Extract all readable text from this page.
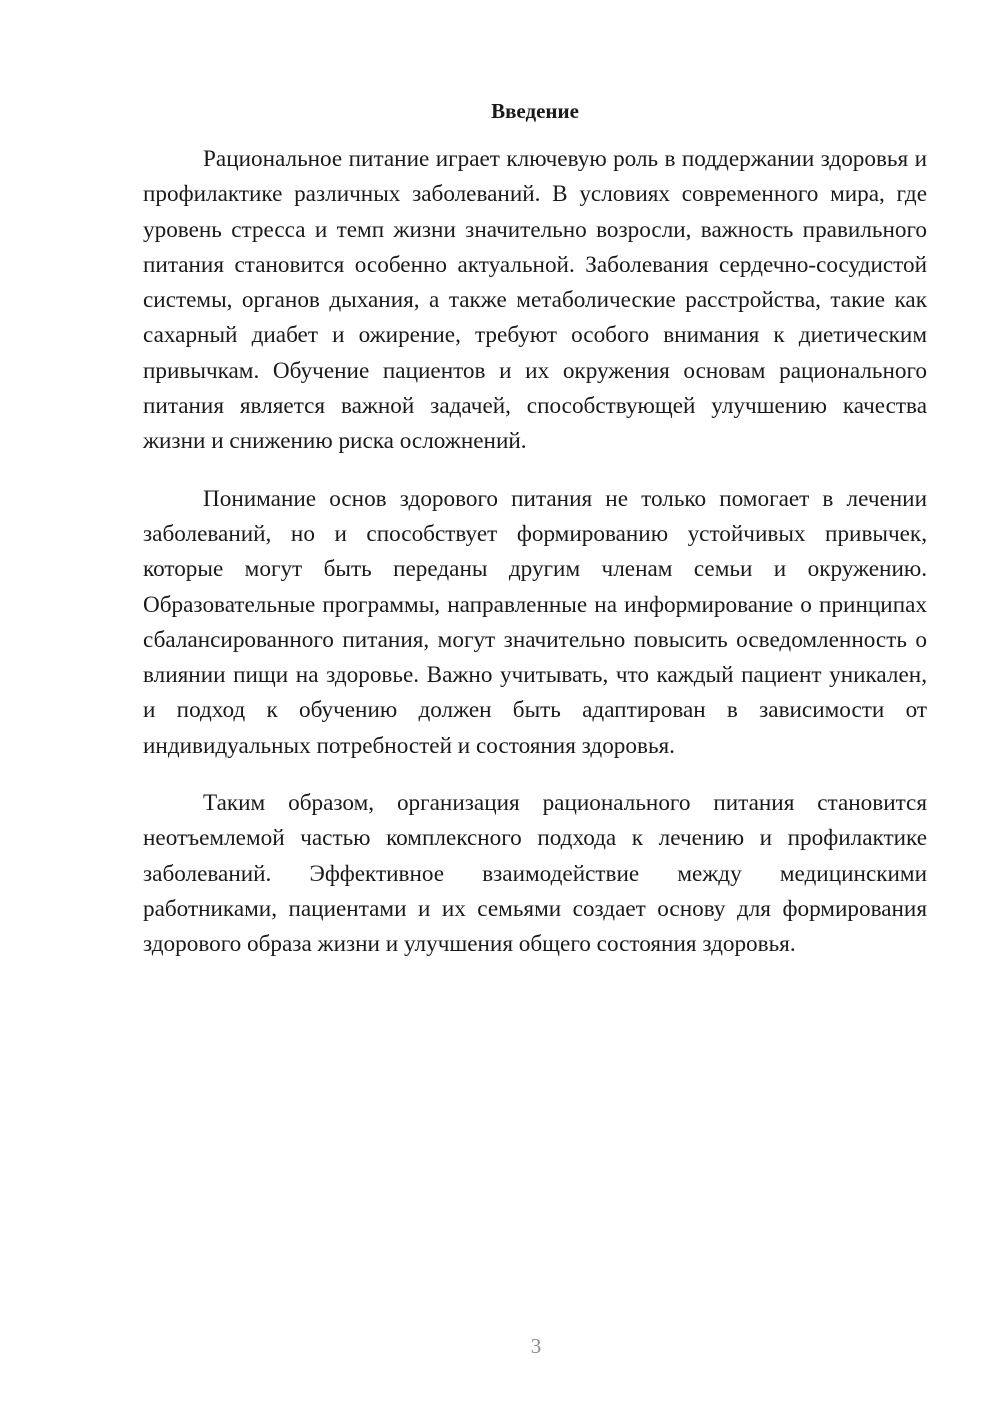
Введение

Рациональное питание играет ключевую роль в поддержании здоровья и профилактике различных заболеваний. В условиях современного мира, где уровень стресса и темп жизни значительно возросли, важность правильного питания становится особенно актуальной. Заболевания сердечно-сосудистой системы, органов дыхания, а также метаболические расстройства, такие как сахарный диабет и ожирение, требуют особого внимания к диетическим привычкам. Обучение пациентов и их окружения основам рационального питания является важной задачей, способствующей улучшению качества жизни и снижению риска осложнений.

Понимание основ здорового питания не только помогает в лечении заболеваний, но и способствует формированию устойчивых привычек, которые могут быть переданы другим членам семьи и окружению. Образовательные программы, направленные на информирование о принципах сбалансированного питания, могут значительно повысить осведомленность о влиянии пищи на здоровье. Важно учитывать, что каждый пациент уникален, и подход к обучению должен быть адаптирован в зависимости от индивидуальных потребностей и состояния здоровья.

Таким образом, организация рационального питания становится неотъемлемой частью комплексного подхода к лечению и профилактике заболеваний. Эффективное взаимодействие между медицинскими работниками, пациентами и их семьями создает основу для формирования здорового образа жизни и улучшения общего состояния здоровья.

3
